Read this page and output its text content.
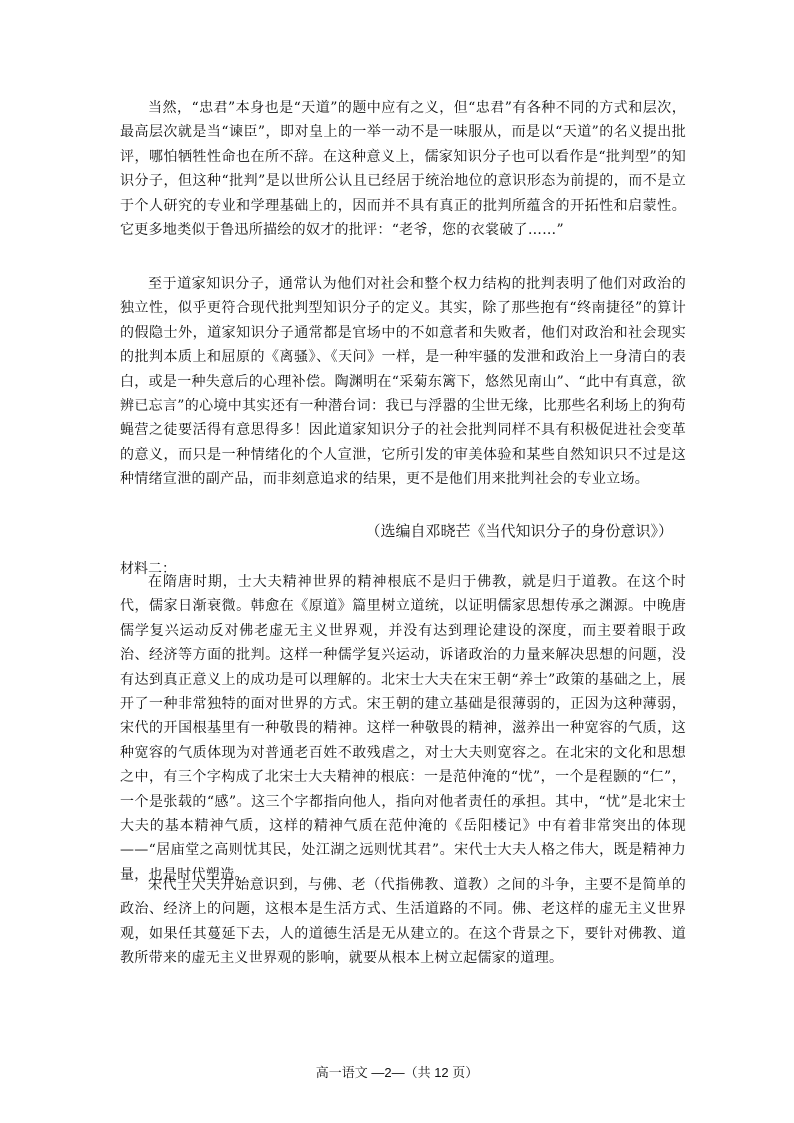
当然，“忠君”本身也是“天道”的题中应有之义，但“忠君”有各种不同的方式和层次，最高层次就是当“谏臣”，即对皇上的一举一动不是一味服从，而是以“天道”的名义提出批评，哪怕牺牲性命也在所不辞。在这种意义上，儒家知识分子也可以看作是“批判型”的知识分子，但这种“批判”是以世所公认且已经居于统治地位的意识形态为前提的，而不是立于个人研究的专业和学理基础上的，因而并不具有真正的批判所蕴含的开拓性和启蒙性。它更多地类似于鲁迅所描绘的奴才的批评：“老爷，您的衣裳破了……”

至于道家知识分子，通常认为他们对社会和整个权力结构的批判表明了他们对政治的独立性，似乎更符合现代批判型知识分子的定义。其实，除了那些抱有“终南捷径”的算计的假隐士外，道家知识分子通常都是官场中的不如意者和失败者，他们对政治和社会现实的批判本质上和屈原的《离骚》、《天问》一样，是一种牢骚的发泄和政治上一身清白的表白，或是一种失意后的心理补偿。陶渊明在“采菊东篱下，悠然见南山”、“此中有真意，欲辨已忘言”的心境中其实还有一种潜台词：我已与浮嚣的尘世无缘，比那些名利场上的狗苟蝇营之徒要活得有意思得多！因此道家知识分子的社会批判同样不具有积极促进社会变革的意义，而只是一种情绪化的个人宣泄，它所引发的审美体验和某些自然知识只不过是这种情绪宣泄的副产品，而非刻意追求的结果，更不是他们用来批判社会的专业立场。

（选编自邓晓芒《当代知识分子的身份意识》）

材料二：

在隋唐时期，士大夫精神世界的精神根底不是归于佛教，就是归于道教。在这个时代，儒家日渐衰微。韩愈在《原道》篇里树立道统，以证明儒家思想传承之渊源。中晚唐儒学复兴运动反对佛老虚无主义世界观，并没有达到理论建设的深度，而主要着眼于政治、经济等方面的批判。这样一种儒学复兴运动，诉诸政治的力量来解决思想的问题，没有达到真正意义上的成功是可以理解的。北宋士大夫在宋王朝“养士”政策的基础之上，展开了一种非常独特的面对世界的方式。宋王朝的建立基础是很薄弱的，正因为这种薄弱，宋代的开国根基里有一种敬畏的精神。这样一种敬畏的精神，滋养出一种宽容的气质，这种宽容的气质体现为对普通老百姓不敢残虐之，对士大夫则宽容之。在北宋的文化和思想之中，有三个字构成了北宋士大夫精神的根底：一是范仲淹的“忧”，一个是程颢的“仁”，一个是张载的“感”。这三个字都指向他人，指向对他者责任的承担。其中，“忧”是北宋士大夫的基本精神气质，这样的精神气质在范仲淹的《岳阳楼记》中有着非常突出的体现——“居庙堂之高则忧其民，处江湖之远则忧其君”。宋代士大夫人格之伟大，既是精神力量，也是时代塑造。

宋代士大夫开始意识到，与佛、老（代指佛教、道教）之间的斗争，主要不是简单的政治、经济上的问题，这根本是生活方式、生活道路的不同。佛、老这样的虚无主义世界观，如果任其蔓延下去，人的道德生活是无从建立的。在这个背景之下，要针对佛教、道教所带来的虚无主义世界观的影响，就要从根本上树立起儒家的道理。

高一语文 —2—（共 12 页）
